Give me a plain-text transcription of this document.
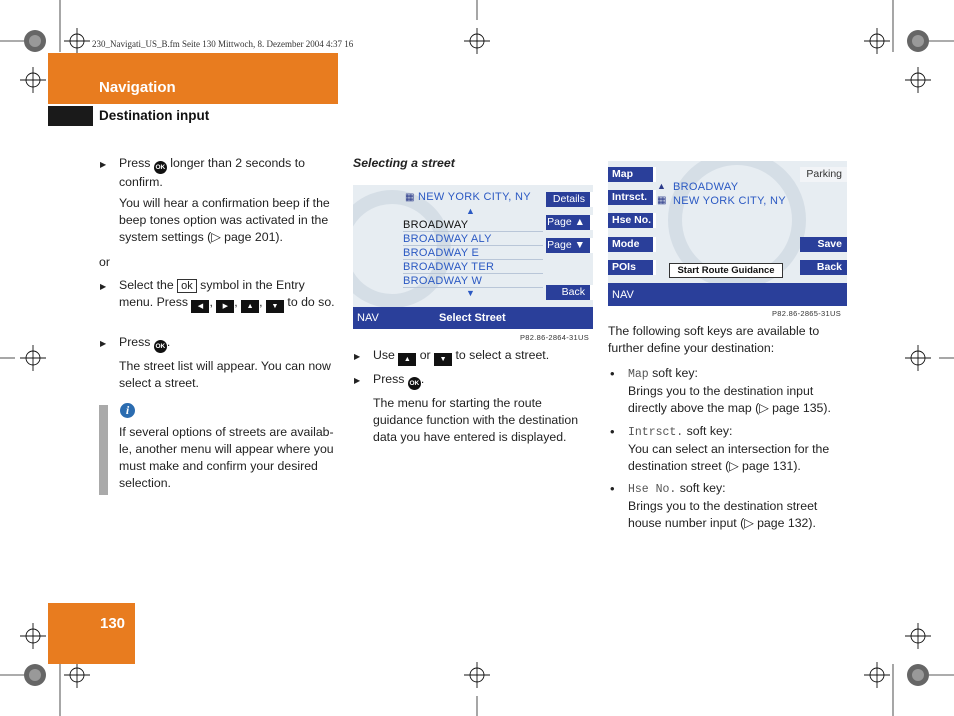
230_Navigati_US_B.fm Seite 130 Mittwoch, 8. Dezember 2004 4:37 16
Navigation
Destination input
▶ Press OK longer than 2 seconds to confirm.
You will hear a confirmation beep if the beep tones option was activated in the system settings (▷ page 201).
or
▶ Select the ok symbol in the Entry menu. Press ◀ , ▶ , ▲ , ▼ to do so.
▶ Press OK .
The street list will appear. You can now select a street.
i
If several options of streets are availab-le, another menu will appear where you must make and confirm your desired selection.
Selecting a street
▦ NEW YORK CITY, NY
▲
BROADWAY
BROADWAY ALY
BROADWAY E
BROADWAY TER
BROADWAY W
▼
Details
Page ▲
Page ▼
Back
NAV	Select Street
P82.86-2864-31US
▶ Use ▲ or ▼ to select a street.
▶ Press OK .
The menu for starting the route guidance function with the destination data you have entered is displayed.
Map
Intrsct.
Hse No.
Mode
POIs
Parking
Save
Back
▲ BROADWAY
▦ NEW YORK CITY, NY
Start Route Guidance
NAV
P82.86-2865-31US
The following soft keys are available to further define your destination:
• Map soft key:
Brings you to the destination input directly above the map (▷ page 135).
• Intrsct. soft key:
You can select an intersection for the destination street (▷ page 131).
• Hse No. soft key:
Brings you to the destination street house number input (▷ page 132).
130
